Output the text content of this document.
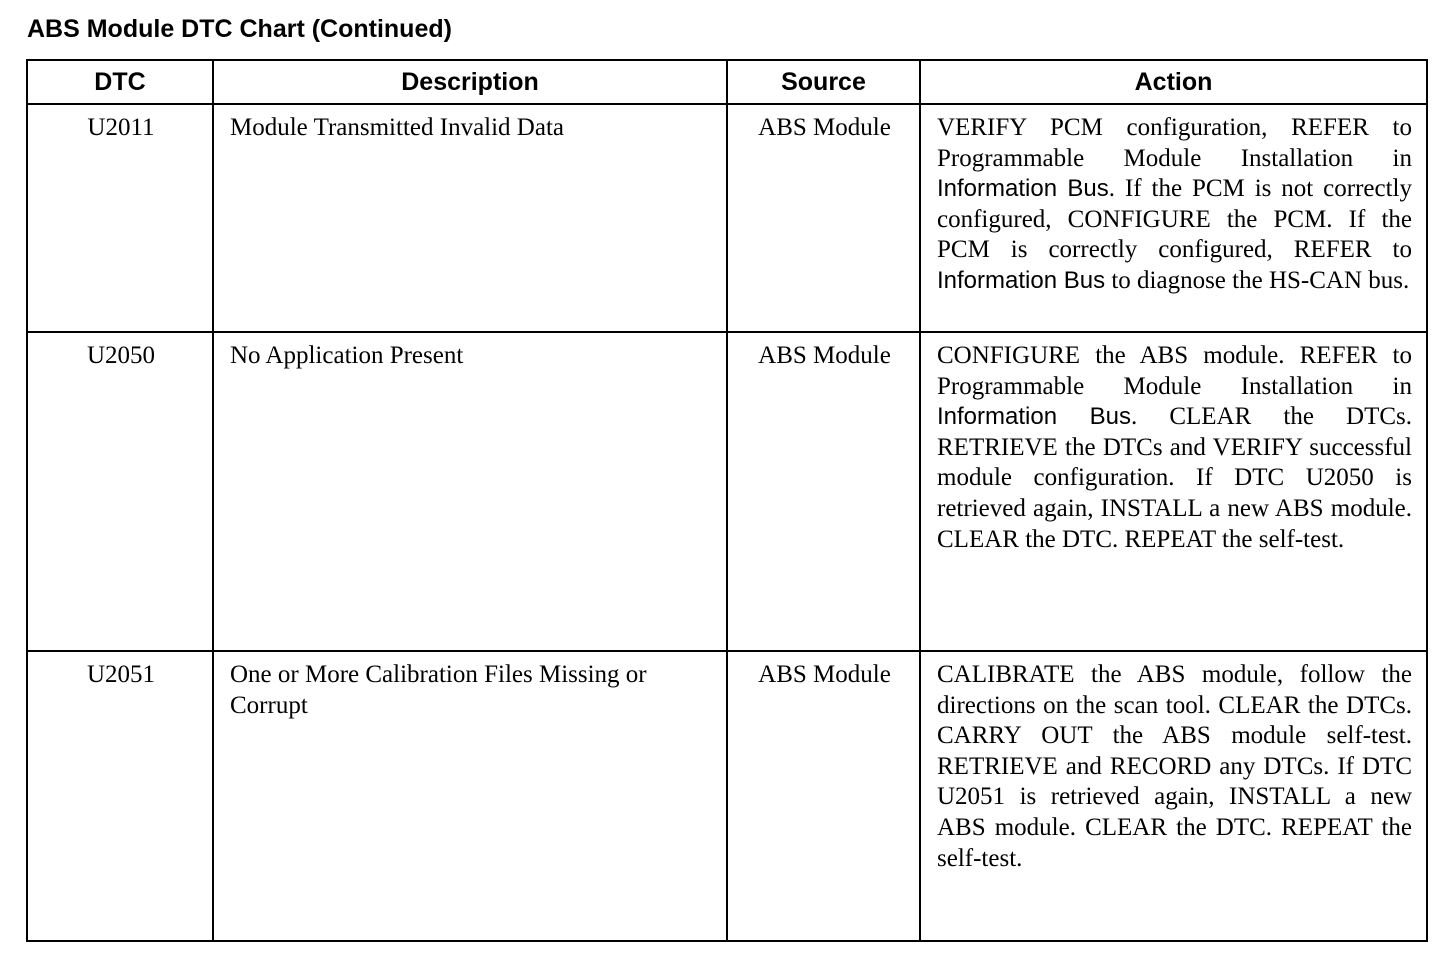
ABS Module DTC Chart (Continued)
DTC	Description	Source	Action
U2011	Module Transmitted Invalid Data	ABS Module	VERIFY PCM configuration, REFER to Programmable Module Installation in Information Bus. If the PCM is not correctly configured, CONFIGURE the PCM. If the PCM is correctly configured, REFER to Information Bus to diagnose the HS-CAN bus.
U2050	No Application Present	ABS Module	CONFIGURE the ABS module. REFER to Programmable Module Installation in Information Bus. CLEAR the DTCs. RETRIEVE the DTCs and VERIFY successful module configuration. If DTC U2050 is retrieved again, INSTALL a new ABS module. CLEAR the DTC. REPEAT the self-test.
U2051	One or More Calibration Files Missing or Corrupt	ABS Module	CALIBRATE the ABS module, follow the directions on the scan tool. CLEAR the DTCs. CARRY OUT the ABS module self-test. RETRIEVE and RECORD any DTCs. If DTC U2051 is retrieved again, INSTALL a new ABS module. CLEAR the DTC. REPEAT the self-test.
